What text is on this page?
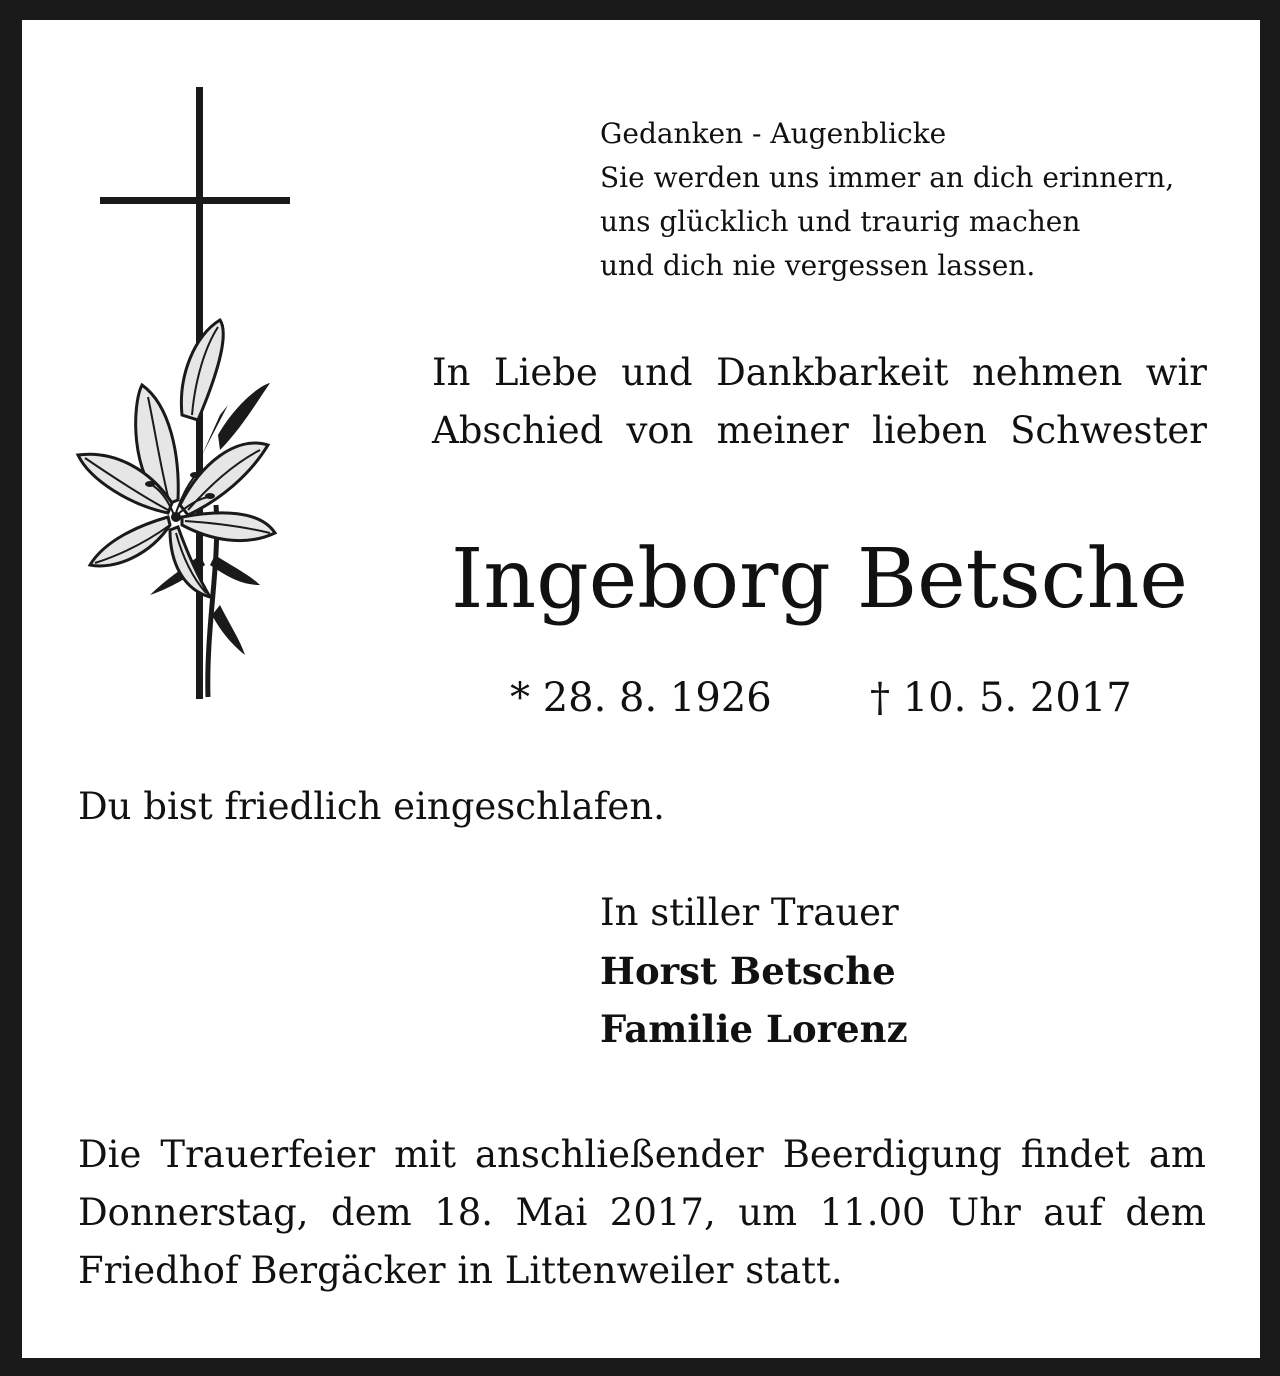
Gedanken - Augenblicke
Sie werden uns immer an dich erinnern,
uns glücklich und traurig machen
und dich nie vergessen lassen.
In Liebe und Dankbarkeit nehmen wir
Abschied von meiner lieben Schwester
Ingeborg Betsche
* 28. 8. 1926 † 10. 5. 2017
Du bist friedlich eingeschlafen.
In stiller Trauer
Horst Betsche
Familie Lorenz
Die Trauerfeier mit anschließender Beerdigung findet am
Donnerstag, dem 18. Mai 2017, um 11.00 Uhr auf dem
Friedhof Bergäcker in Littenweiler statt.
